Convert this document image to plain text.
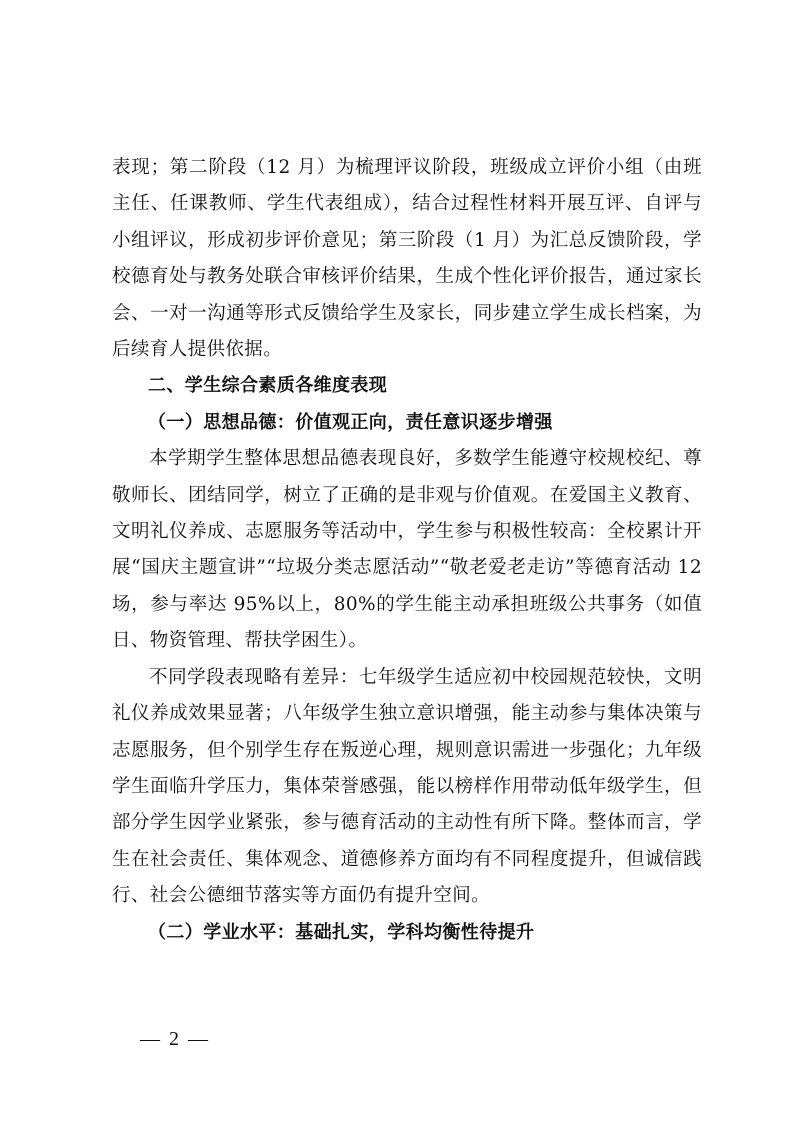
表现；第二阶段（12 月）为梳理评议阶段，班级成立评价小组（由班主任、任课教师、学生代表组成），结合过程性材料开展互评、自评与小组评议，形成初步评价意见；第三阶段（1 月）为汇总反馈阶段，学校德育处与教务处联合审核评价结果，生成个性化评价报告，通过家长会、一对一沟通等形式反馈给学生及家长，同步建立学生成长档案，为后续育人提供依据。

二、学生综合素质各维度表现

（一）思想品德：价值观正向，责任意识逐步增强

本学期学生整体思想品德表现良好，多数学生能遵守校规校纪、尊敬师长、团结同学，树立了正确的是非观与价值观。在爱国主义教育、文明礼仪养成、志愿服务等活动中，学生参与积极性较高：全校累计开展“国庆主题宣讲”“垃圾分类志愿活动”“敬老爱老走访”等德育活动 12 场，参与率达 95%以上，80%的学生能主动承担班级公共事务（如值日、物资管理、帮扶学困生）。

不同学段表现略有差异：七年级学生适应初中校园规范较快，文明礼仪养成效果显著；八年级学生独立意识增强，能主动参与集体决策与志愿服务，但个别学生存在叛逆心理，规则意识需进一步强化；九年级学生面临升学压力，集体荣誉感强，能以榜样作用带动低年级学生，但部分学生因学业紧张，参与德育活动的主动性有所下降。整体而言，学生在社会责任、集体观念、道德修养方面均有不同程度提升，但诚信践行、社会公德细节落实等方面仍有提升空间。

（二）学业水平：基础扎实，学科均衡性待提升

— 2 —
